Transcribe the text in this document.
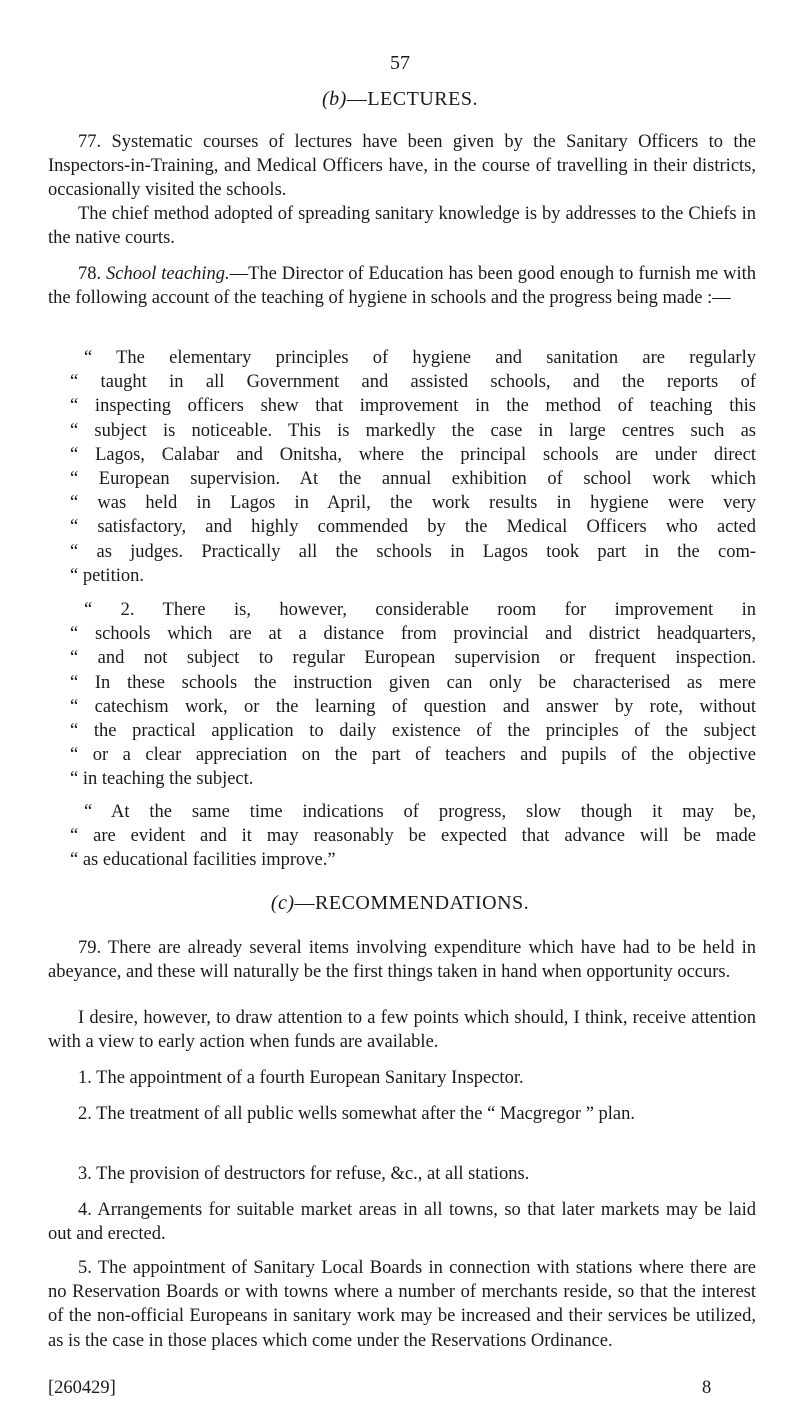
57
(b)—LECTURES.
77. Systematic courses of lectures have been given by the Sanitary Officers to the Inspectors-in-Training, and Medical Officers have, in the course of travelling in their districts, occasionally visited the schools.
The chief method adopted of spreading sanitary knowledge is by addresses to the Chiefs in the native courts.
78. School teaching.—The Director of Education has been good enough to furnish me with the following account of the teaching of hygiene in schools and the progress being made :—
“ The elementary principles of hygiene and sanitation are regularly
“ taught in all Government and assisted schools, and the reports of
“ inspecting officers shew that improvement in the method of teaching this
“ subject is noticeable. This is markedly the case in large centres such as
“ Lagos, Calabar and Onitsha, where the principal schools are under direct
“ European supervision. At the annual exhibition of school work which
“ was held in Lagos in April, the work results in hygiene were very
“ satisfactory, and highly commended by the Medical Officers who acted
“ as judges. Practically all the schools in Lagos took part in the com-
“ petition.
“ 2. There is, however, considerable room for improvement in
“ schools which are at a distance from provincial and district headquarters,
“ and not subject to regular European supervision or frequent inspection.
“ In these schools the instruction given can only be characterised as mere
“ catechism work, or the learning of question and answer by rote, without
“ the practical application to daily existence of the principles of the subject
“ or a clear appreciation on the part of teachers and pupils of the objective
“ in teaching the subject.
“ At the same time indications of progress, slow though it may be,
“ are evident and it may reasonably be expected that advance will be made
“ as educational facilities improve.”
(c)—RECOMMENDATIONS.
79. There are already several items involving expenditure which have had to be held in abeyance, and these will naturally be the first things taken in hand when opportunity occurs.
I desire, however, to draw attention to a few points which should, I think, receive attention with a view to early action when funds are available.
1. The appointment of a fourth European Sanitary Inspector.
2. The treatment of all public wells somewhat after the “ Macgregor ” plan.
3. The provision of destructors for refuse, &c., at all stations.
4. Arrangements for suitable market areas in all towns, so that later markets may be laid out and erected.
5. The appointment of Sanitary Local Boards in connection with stations where there are no Reservation Boards or with towns where a number of merchants reside, so that the interest of the non-official Europeans in sanitary work may be increased and their services be utilized, as is the case in those places which come under the Reservations Ordinance.
[260429]	8
